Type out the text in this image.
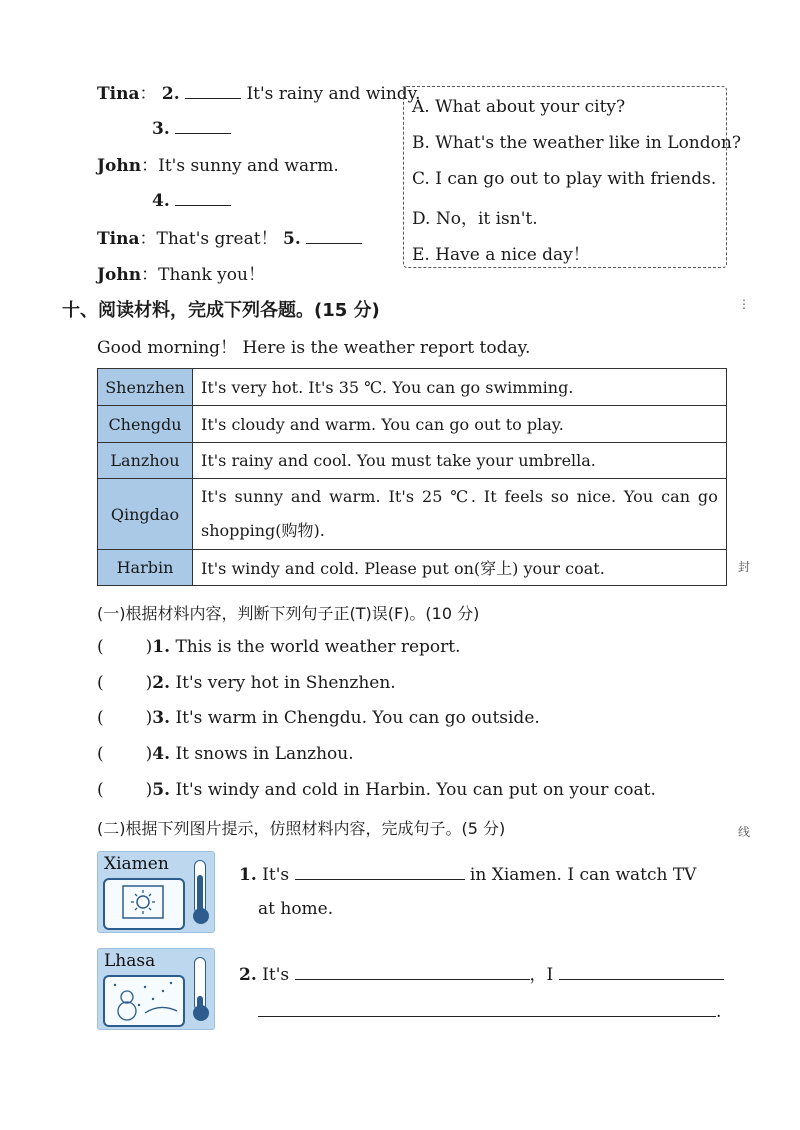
Tina： 2.	It's rainy and windy.
3.
John：It's sunny and warm.
4.
Tina：That's great！ 5.
John：Thank you！
A. What about your city?
B. What's the weather like in London?
C. I can go out to play with friends.
D. No，it isn't.
E. Have a nice day！
十、阅读材料，完成下列各题。(15 分)
Good morning！ Here is the weather report today.
Shenzhen	It's very hot. It's 35 ℃. You can go swimming.
Chengdu	It's cloudy and warm. You can go out to play.
Lanzhou	It's rainy and cool. You must take your umbrella.
Qingdao	It's sunny and warm. It's 25 ℃. It feels so nice. You can go
shopping(购物).

Harbin	It's windy and cold. Please put on(穿上) your coat.
(一)根据材料内容，判断下列句子正(T)误(F)。(10 分)
( )1. This is the world weather report.
( )2. It's very hot in Shenzhen.
( )3. It's warm in Chengdu. You can go outside.
( )4. It snows in Lanzhou.
( )5. It's windy and cold in Harbin. You can put on your coat.
(二)根据下列图片提示，仿照材料内容，完成句子。(5 分)
Xiamen
1. It's	in Xiamen. I can watch TV
at home.
Lhasa
2. It's	，I
.
⋮
封
线
